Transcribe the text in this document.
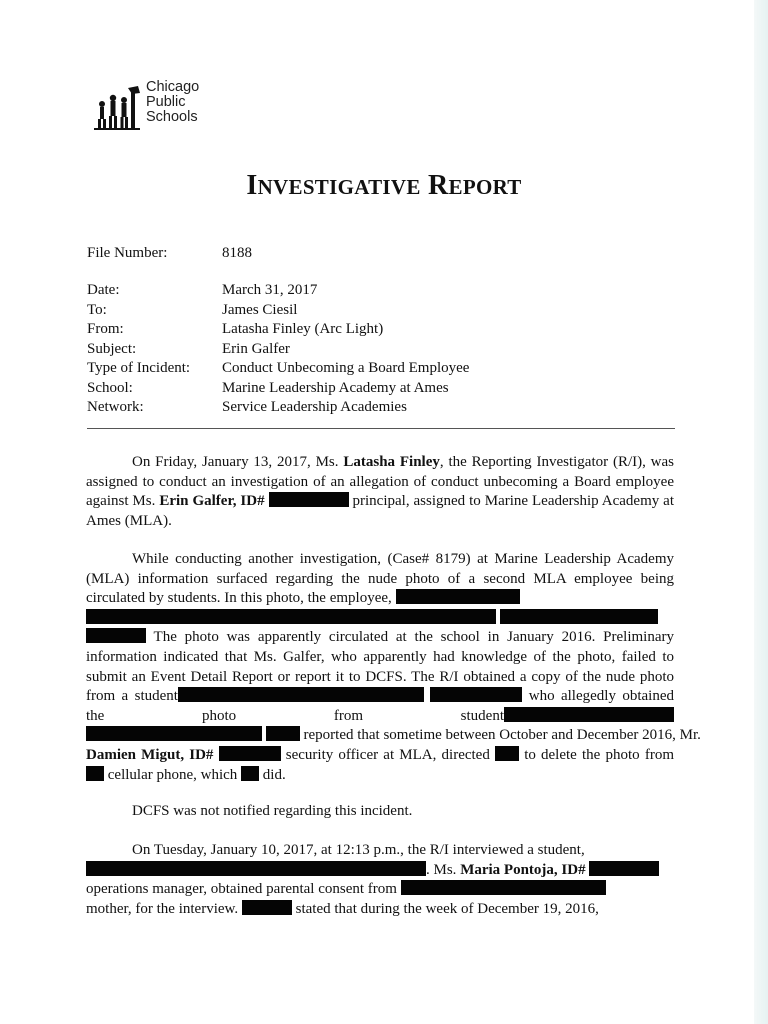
Chicago
Public
Schools
INVESTIGATIVE REPORT
File Number:	8188
Date:	March 31, 2017
To:	James Ciesil
From:	Latasha Finley (Arc Light)
Subject:	Erin Galfer
Type of Incident:	Conduct Unbecoming a Board Employee
School:	Marine Leadership Academy at Ames
Network:	Service Leadership Academies
On Friday, January 13, 2017, Ms. Latasha Finley, the Reporting Investigator (R/I), was assigned to conduct an investigation of an allegation of conduct unbecoming a Board employee against Ms. Erin Galfer, ID#	principal, assigned to Marine Leadership Academy at Ames (MLA).
While conducting another investigation, (Case# 8179) at Marine Leadership Academy (MLA) information surfaced regarding the nude photo of a second MLA employee being circulated by students. In this photo, the employee,

The photo was apparently circulated at the school in January 2016. Preliminary information indicated that Ms. Galfer, who apparently had knowledge of the photo, failed to submit an Event Detail Report or report it to DCFS. The R/I obtained a copy of the nude photo from a student	who allegedly obtained the photo from student   reported that sometime between October and December 2016, Mr. Damien Migut, ID#	security officer at MLA, directed to delete the photo from  cellular phone, which did.
DCFS was not notified regarding this incident.
On Tuesday, January 10, 2017, at 12:13 p.m., the R/I interviewed a student,
. Ms. Maria Pontoja, ID#
operations manager, obtained parental consent from
mother, for the interview.	stated that during the week of December 19, 2016,
